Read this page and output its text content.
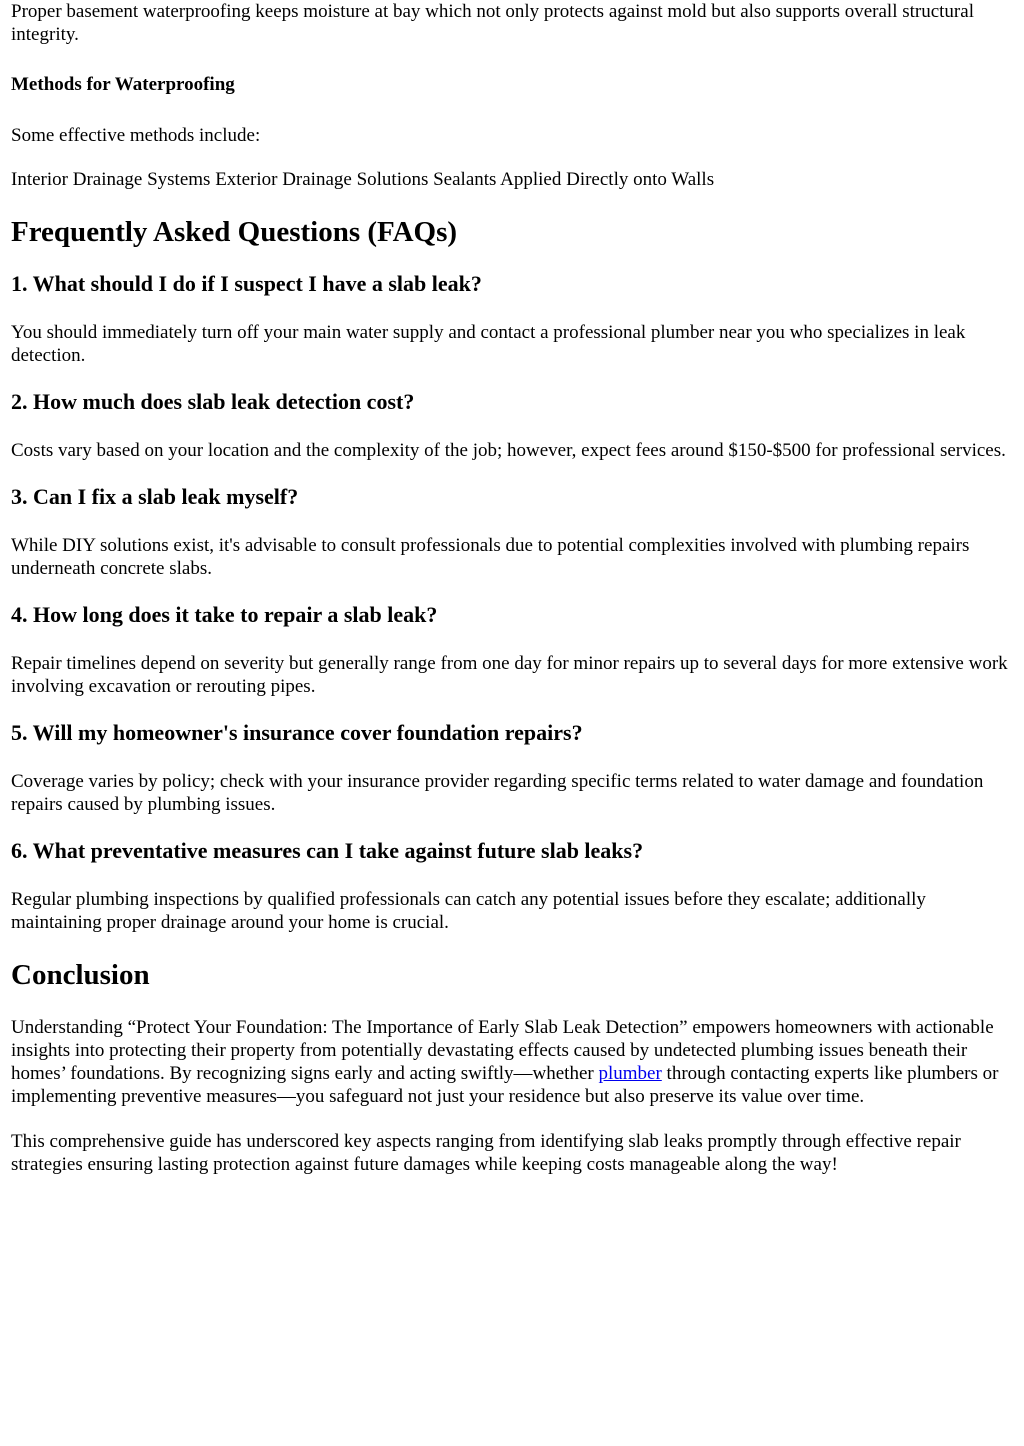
Proper basement waterproofing keeps moisture at bay which not only protects against mold but also supports overall structural integrity.

Methods for Waterproofing

Some effective methods include:

Interior Drainage Systems Exterior Drainage Solutions Sealants Applied Directly onto Walls

Frequently Asked Questions (FAQs)
1. What should I do if I suspect I have a slab leak?

You should immediately turn off your main water supply and contact a professional plumber near you who specializes in leak detection.

2. How much does slab leak detection cost?

Costs vary based on your location and the complexity of the job; however, expect fees around $150-$500 for professional services.

3. Can I fix a slab leak myself?

While DIY solutions exist, it's advisable to consult professionals due to potential complexities involved with plumbing repairs underneath concrete slabs.

4. How long does it take to repair a slab leak?

Repair timelines depend on severity but generally range from one day for minor repairs up to several days for more extensive work involving excavation or rerouting pipes.

5. Will my homeowner's insurance cover foundation repairs?

Coverage varies by policy; check with your insurance provider regarding specific terms related to water damage and foundation repairs caused by plumbing issues.

6. What preventative measures can I take against future slab leaks?

Regular plumbing inspections by qualified professionals can catch any potential issues before they escalate; additionally maintaining proper drainage around your home is crucial.

Conclusion

Understanding “Protect Your Foundation: The Importance of Early Slab Leak Detection” empowers homeowners with actionable insights into protecting their property from potentially devastating effects caused by undetected plumbing issues beneath their homes’ foundations. By recognizing signs early and acting swiftly—whether plumber through contacting experts like plumbers or implementing preventive measures—you safeguard not just your residence but also preserve its value over time.

This comprehensive guide has underscored key aspects ranging from identifying slab leaks promptly through effective repair strategies ensuring lasting protection against future damages while keeping costs manageable along the way!
